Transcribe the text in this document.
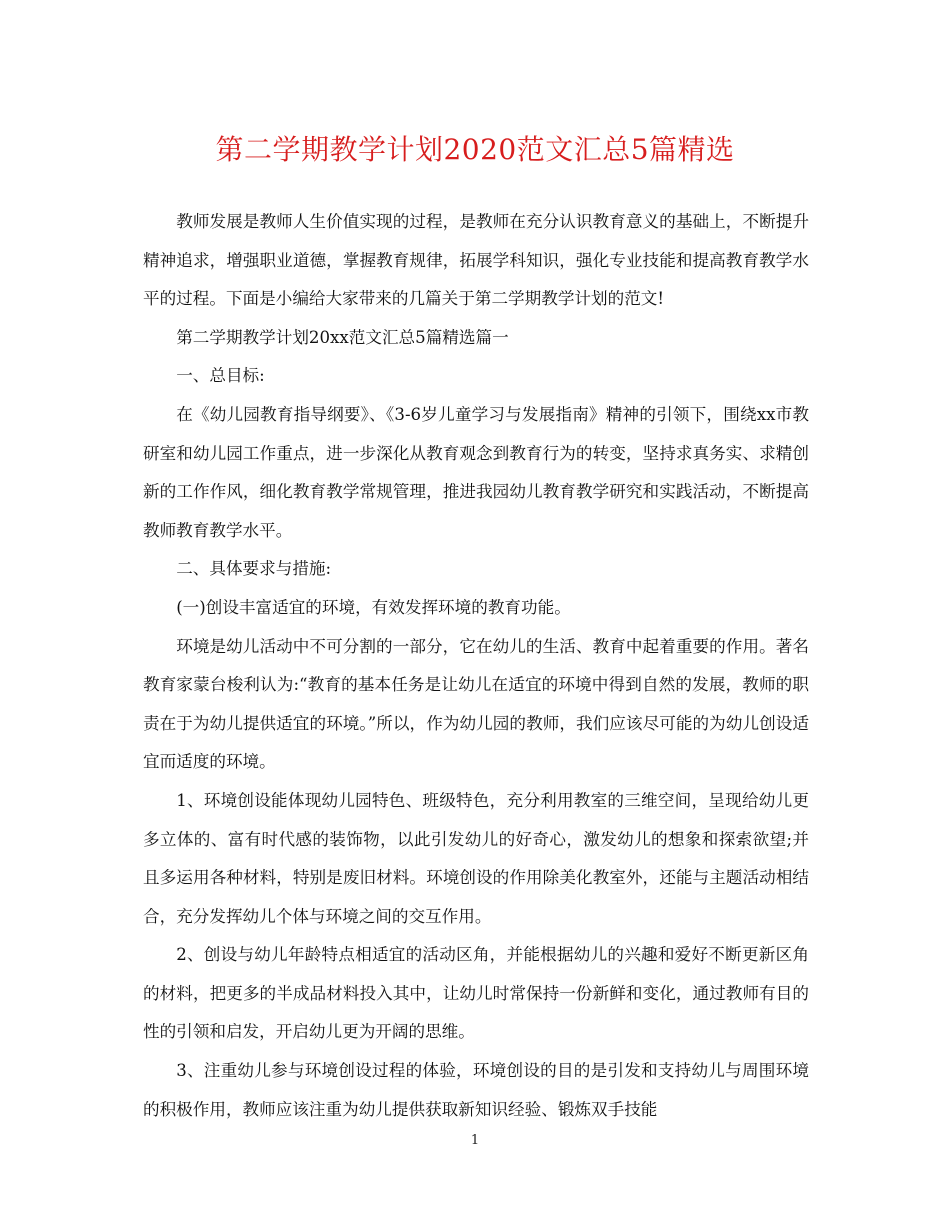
第二学期教学计划2020范文汇总5篇精选

教师发展是教师人生价值实现的过程，是教师在充分认识教育意义的基础上，不断提升精神追求，增强职业道德，掌握教育规律，拓展学科知识，强化专业技能和提高教育教学水平的过程。下面是小编给大家带来的几篇关于第二学期教学计划的范文!

第二学期教学计划20xx范文汇总5篇精选篇一

一、总目标:

在《幼儿园教育指导纲要》、《3-6岁儿童学习与发展指南》精神的引领下，围绕xx市教研室和幼儿园工作重点，进一步深化从教育观念到教育行为的转变，坚持求真务实、求精创新的工作作风，细化教育教学常规管理，推进我园幼儿教育教学研究和实践活动，不断提高教师教育教学水平。

二、具体要求与措施:

(一)创设丰富适宜的环境，有效发挥环境的教育功能。

环境是幼儿活动中不可分割的一部分，它在幼儿的生活、教育中起着重要的作用。著名教育家蒙台梭利认为:“教育的基本任务是让幼儿在适宜的环境中得到自然的发展，教师的职责在于为幼儿提供适宜的环境。”所以，作为幼儿园的教师，我们应该尽可能的为幼儿创设适宜而适度的环境。

1、环境创设能体现幼儿园特色、班级特色，充分利用教室的三维空间，呈现给幼儿更多立体的、富有时代感的装饰物，以此引发幼儿的好奇心，激发幼儿的想象和探索欲望;并且多运用各种材料，特别是废旧材料。环境创设的作用除美化教室外，还能与主题活动相结合，充分发挥幼儿个体与环境之间的交互作用。

2、创设与幼儿年龄特点相适宜的活动区角，并能根据幼儿的兴趣和爱好不断更新区角的材料，把更多的半成品材料投入其中，让幼儿时常保持一份新鲜和变化，通过教师有目的性的引领和启发，开启幼儿更为开阔的思维。

3、注重幼儿参与环境创设过程的体验，环境创设的目的是引发和支持幼儿与周围环境的积极作用，教师应该注重为幼儿提供获取新知识经验、锻炼双手技能

1
